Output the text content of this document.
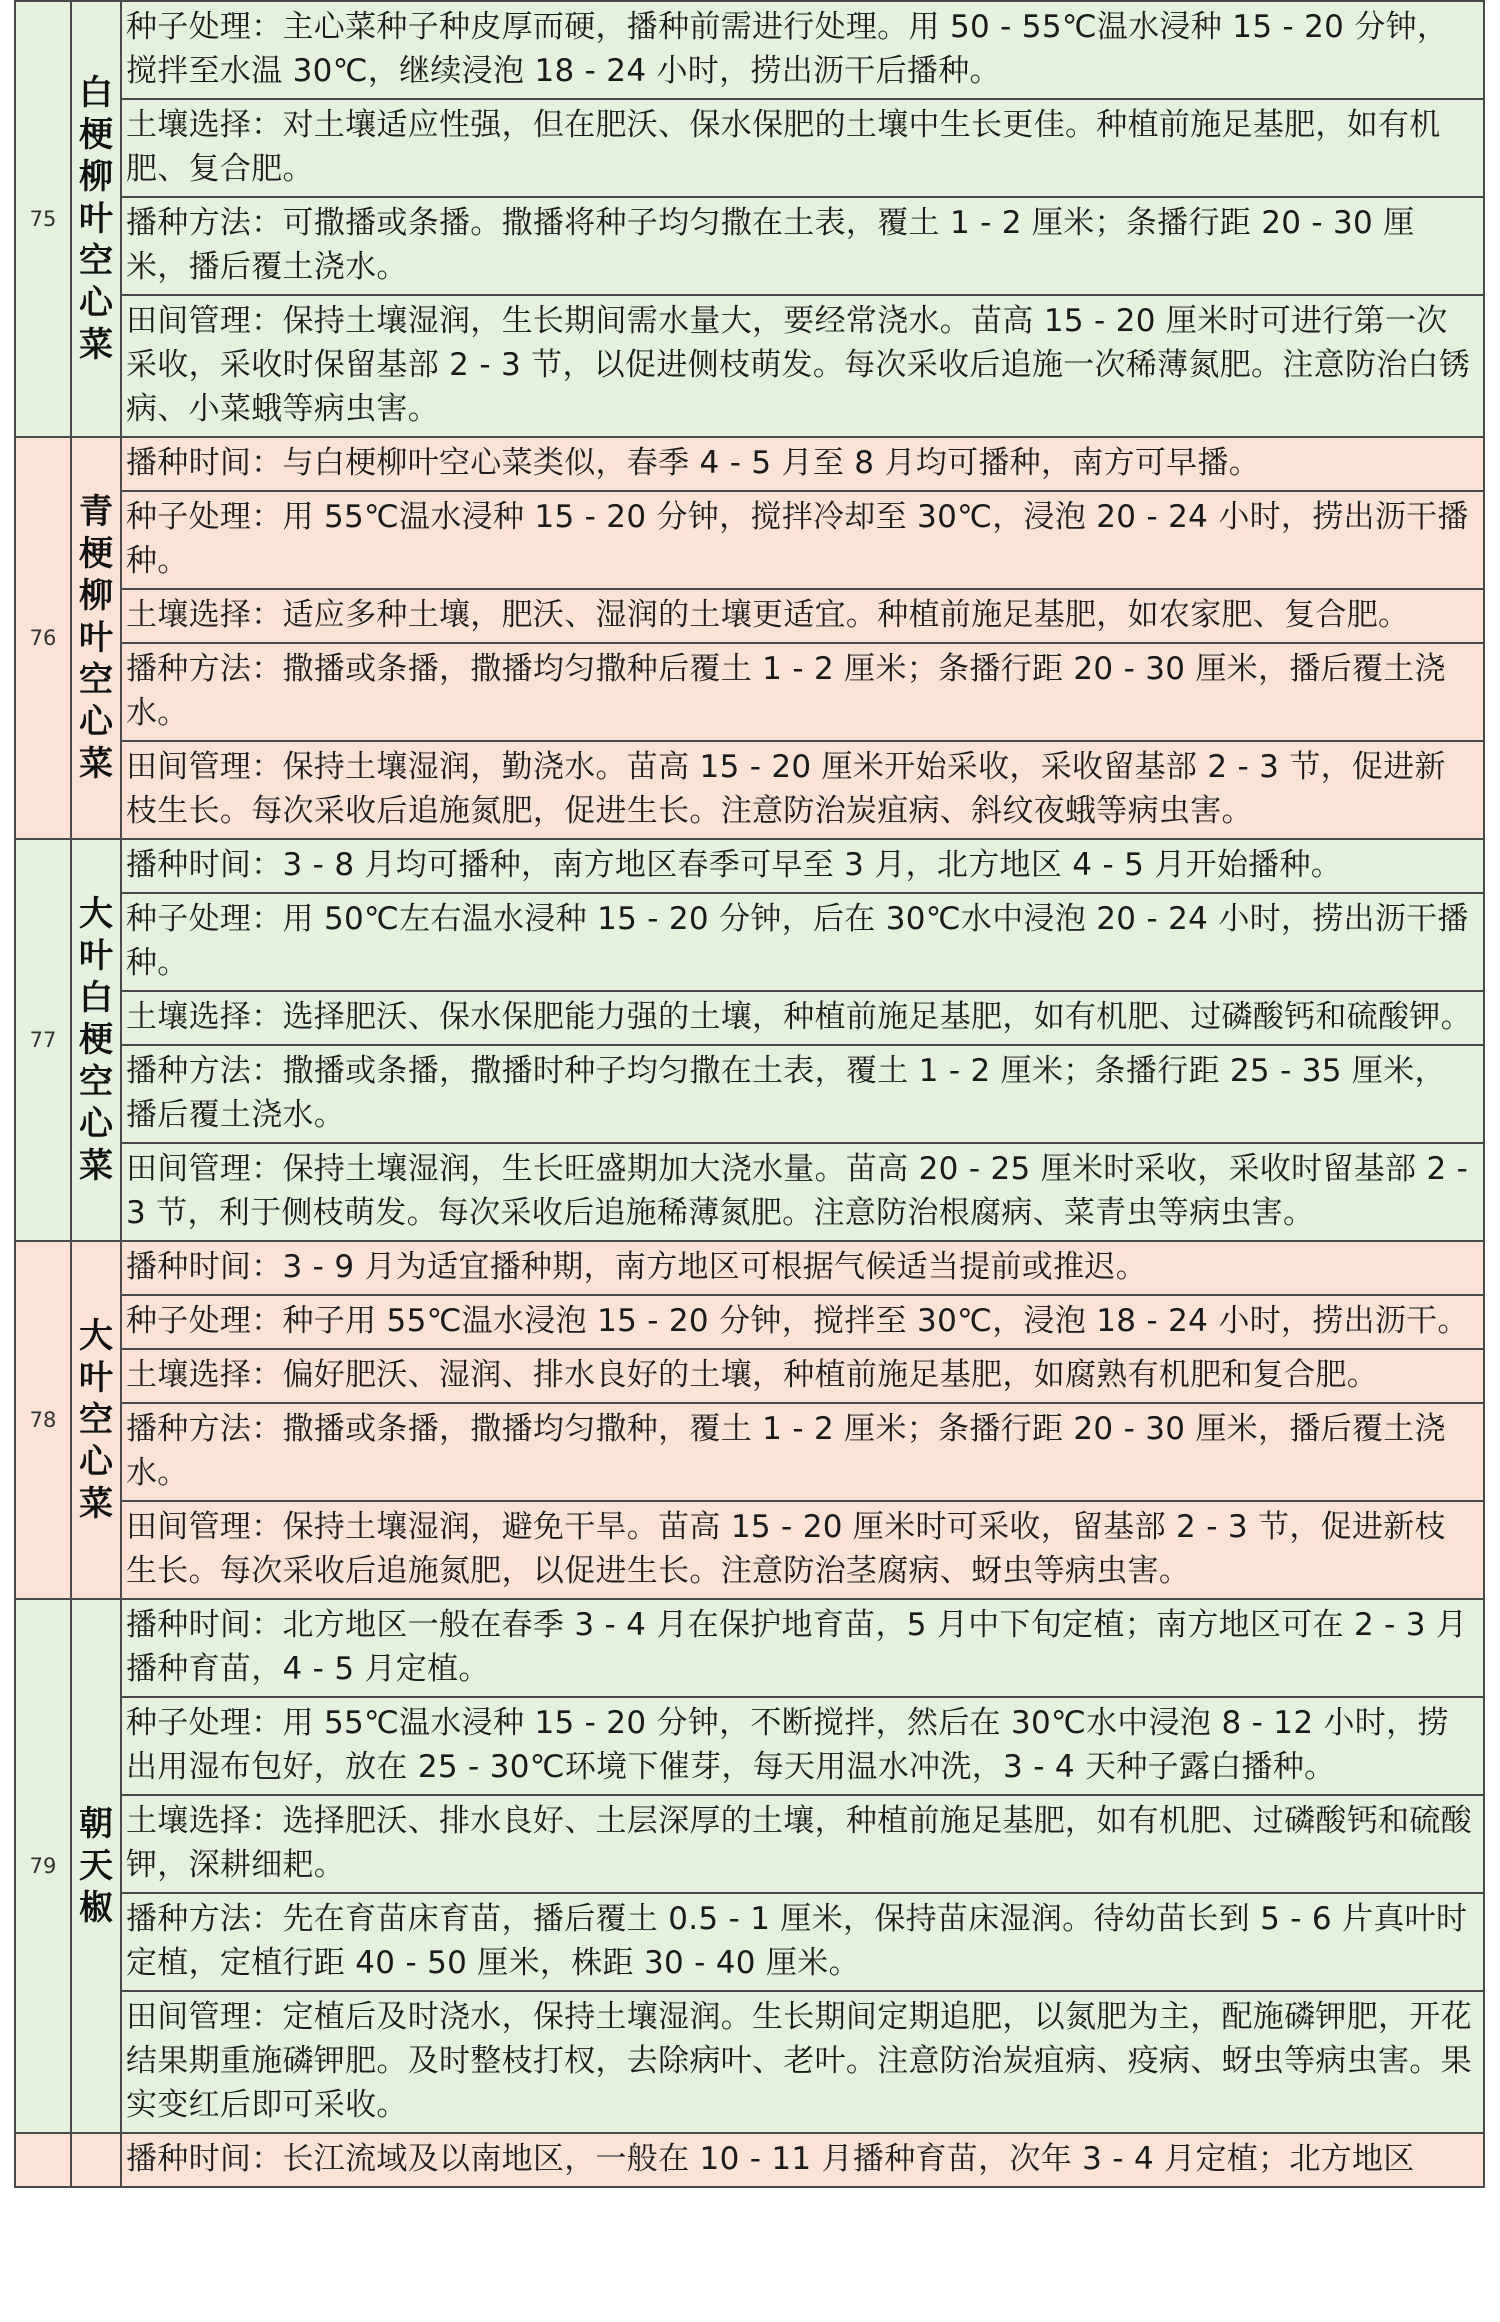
75	白梗柳叶空心菜	种子处理：主心菜种子种皮厚而硬，播种前需进行处理。用 50 - 55℃温水浸种 15 - 20 分钟，搅拌至水温 30℃，继续浸泡 18 - 24 小时，捞出沥干后播种。
		土壤选择：对土壤适应性强，但在肥沃、保水保肥的土壤中生长更佳。种植前施足基肥，如有机肥、复合肥。
		播种方法：可撒播或条播。撒播将种子均匀撒在土表，覆土 1 - 2 厘米；条播行距 20 - 30 厘米，播后覆土浇水。
		田间管理：保持土壤湿润，生长期间需水量大，要经常浇水。苗高 15 - 20 厘米时可进行第一次采收，采收时保留基部 2 - 3 节，以促进侧枝萌发。每次采收后追施一次稀薄氮肥。注意防治白锈病、小菜蛾等病虫害。
76	青梗柳叶空心菜	播种时间：与白梗柳叶空心菜类似，春季 4 - 5 月至 8 月均可播种，南方可早播。
		种子处理：用 55℃温水浸种 15 - 20 分钟，搅拌冷却至 30℃，浸泡 20 - 24 小时，捞出沥干播种。
		土壤选择：适应多种土壤，肥沃、湿润的土壤更适宜。种植前施足基肥，如农家肥、复合肥。
		播种方法：撒播或条播，撒播均匀撒种后覆土 1 - 2 厘米；条播行距 20 - 30 厘米，播后覆土浇水。
		田间管理：保持土壤湿润，勤浇水。苗高 15 - 20 厘米开始采收，采收留基部 2 - 3 节，促进新枝生长。每次采收后追施氮肥，促进生长。注意防治炭疽病、斜纹夜蛾等病虫害。
77	大叶白梗空心菜	播种时间：3 - 8 月均可播种，南方地区春季可早至 3 月，北方地区 4 - 5 月开始播种。
		种子处理：用 50℃左右温水浸种 15 - 20 分钟，后在 30℃水中浸泡 20 - 24 小时，捞出沥干播种。
		土壤选择：选择肥沃、保水保肥能力强的土壤，种植前施足基肥，如有机肥、过磷酸钙和硫酸钾。
		播种方法：撒播或条播，撒播时种子均匀撒在土表，覆土 1 - 2 厘米；条播行距 25 - 35 厘米，播后覆土浇水。
		田间管理：保持土壤湿润，生长旺盛期加大浇水量。苗高 20 - 25 厘米时采收，采收时留基部 2 - 3 节，利于侧枝萌发。每次采收后追施稀薄氮肥。注意防治根腐病、菜青虫等病虫害。
78	大叶空心菜	播种时间：3 - 9 月为适宜播种期，南方地区可根据气候适当提前或推迟。
		种子处理：种子用 55℃温水浸泡 15 - 20 分钟，搅拌至 30℃，浸泡 18 - 24 小时，捞出沥干。
		土壤选择：偏好肥沃、湿润、排水良好的土壤，种植前施足基肥，如腐熟有机肥和复合肥。
		播种方法：撒播或条播，撒播均匀撒种，覆土 1 - 2 厘米；条播行距 20 - 30 厘米，播后覆土浇水。
		田间管理：保持土壤湿润，避免干旱。苗高 15 - 20 厘米时可采收，留基部 2 - 3 节，促进新枝生长。每次采收后追施氮肥，以促进生长。注意防治茎腐病、蚜虫等病虫害。
79	朝天椒	播种时间：北方地区一般在春季 3 - 4 月在保护地育苗，5 月中下旬定植；南方地区可在 2 - 3 月播种育苗，4 - 5 月定植。
		种子处理：用 55℃温水浸种 15 - 20 分钟，不断搅拌，然后在 30℃水中浸泡 8 - 12 小时，捞出用湿布包好，放在 25 - 30℃环境下催芽，每天用温水冲洗，3 - 4 天种子露白播种。
		土壤选择：选择肥沃、排水良好、土层深厚的土壤，种植前施足基肥，如有机肥、过磷酸钙和硫酸钾，深耕细耙。
		播种方法：先在育苗床育苗，播后覆土 0.5 - 1 厘米，保持苗床湿润。待幼苗长到 5 - 6 片真叶时定植，定植行距 40 - 50 厘米，株距 30 - 40 厘米。
		田间管理：定植后及时浇水，保持土壤湿润。生长期间定期追肥，以氮肥为主，配施磷钾肥，开花结果期重施磷钾肥。及时整枝打杈，去除病叶、老叶。注意防治炭疽病、疫病、蚜虫等病虫害。果实变红后即可采收。
		播种时间：长江流域及以南地区，一般在 10 - 11 月播种育苗，次年 3 - 4 月定植；北方地区
